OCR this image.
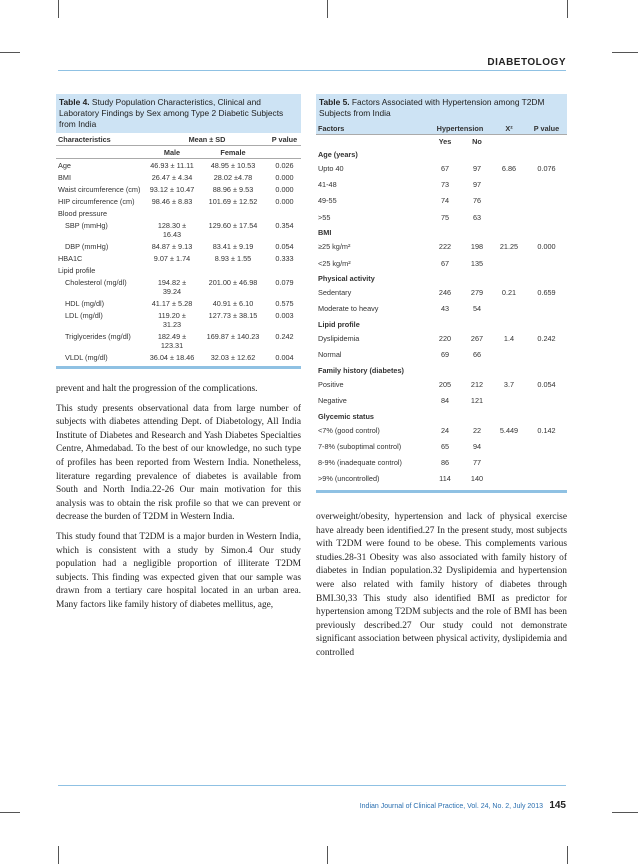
DIABETOLOGY
Table 4. Study Population Characteristics, Clinical and Laboratory Findings by Sex among Type 2 Diabetic Subjects from India
Characteristics	Mean ± SD		P value
	Male	Female	
Age	46.93 ± 11.11	48.95 ± 10.53	0.026
BMI	26.47 ± 4.34	28.02 ±4.78	0.000
Waist circumference (cm)	93.12 ± 10.47	88.96 ± 9.53	0.000
HIP circumference (cm)	98.46 ± 8.83	101.69 ± 12.52	0.000
Blood pressure			
SBP (mmHg)	128.30 ± 16.43	129.60 ± 17.54	0.354
DBP (mmHg)	84.87 ± 9.13	83.41 ± 9.19	0.054
HBA1C	9.07 ± 1.74	8.93 ± 1.55	0.333
Lipid profile			
Cholesterol (mg/dl)	194.82 ± 39.24	201.00 ± 46.98	0.079
HDL (mg/dl)	41.17 ± 5.28	40.91 ± 6.10	0.575
LDL (mg/dl)	119.20 ± 31.23	127.73 ± 38.15	0.003
Triglycerides (mg/dl)	182.49 ± 123.31	169.87 ± 140.23	0.242
VLDL (mg/dl)	36.04 ± 18.46	32.03 ± 12.62	0.004

prevent and halt the progression of the complications.

This study presents observational data from large number of subjects with diabetes attending Dept. of Diabetology, All India Institute of Diabetes and Research and Yash Diabetes Specialties Centre, Ahmedabad. To the best of our knowledge, no such type of profiles has been reported from Western India. Nonetheless, literature regarding prevalence of diabetes is available from South and North India.22-26 Our main motivation for this analysis was to obtain the risk profile so that we can prevent or decrease the burden of T2DM in Western India.

This study found that T2DM is a major burden in Western India, which is consistent with a study by Simon.4 Our study population had a negligible proportion of illiterate T2DM subjects. This finding was expected given that our sample was drawn from a tertiary care hospital located in an urban area. Many factors like family history of diabetes mellitus, age,

Table 5. Factors Associated with Hypertension among T2DM Subjects from India
Factors	Hypertension		X²	P value
	Yes	No		
Age (years)				
Upto 40	67	97	6.86	0.076
41-48	73	97		
49-55	74	76		
>55	75	63		
BMI				
≥25 kg/m²	222	198	21.25	0.000
<25 kg/m²	67	135		
Physical activity				
Sedentary	246	279	0.21	0.659
Moderate to heavy	43	54		
Lipid profile				
Dyslipidemia	220	267	1.4	0.242
Normal	69	66		
Family history (diabetes)				
Positive	205	212	3.7	0.054
Negative	84	121		
Glycemic status				
<7% (good control)	24	22	5.449	0.142
7-8% (suboptimal control)	65	94		
8-9% (inadequate control)	86	77		
>9% (uncontrolled)	114	140		

overweight/obesity, hypertension and lack of physical exercise have already been identified.27 In the present study, most subjects with T2DM were found to be obese. This complements various studies.28-31 Obesity was also associated with family history of diabetes in Indian population.32 Dyslipidemia and hypertension were also related with family history of diabetes through BMI.30,33 This study also identified BMI as predictor for hypertension among T2DM subjects and the role of BMI has been previously described.27 Our study could not demonstrate significant association between physical activity, dyslipidemia and controlled

Indian Journal of Clinical Practice, Vol. 24, No. 2, July 2013 145
